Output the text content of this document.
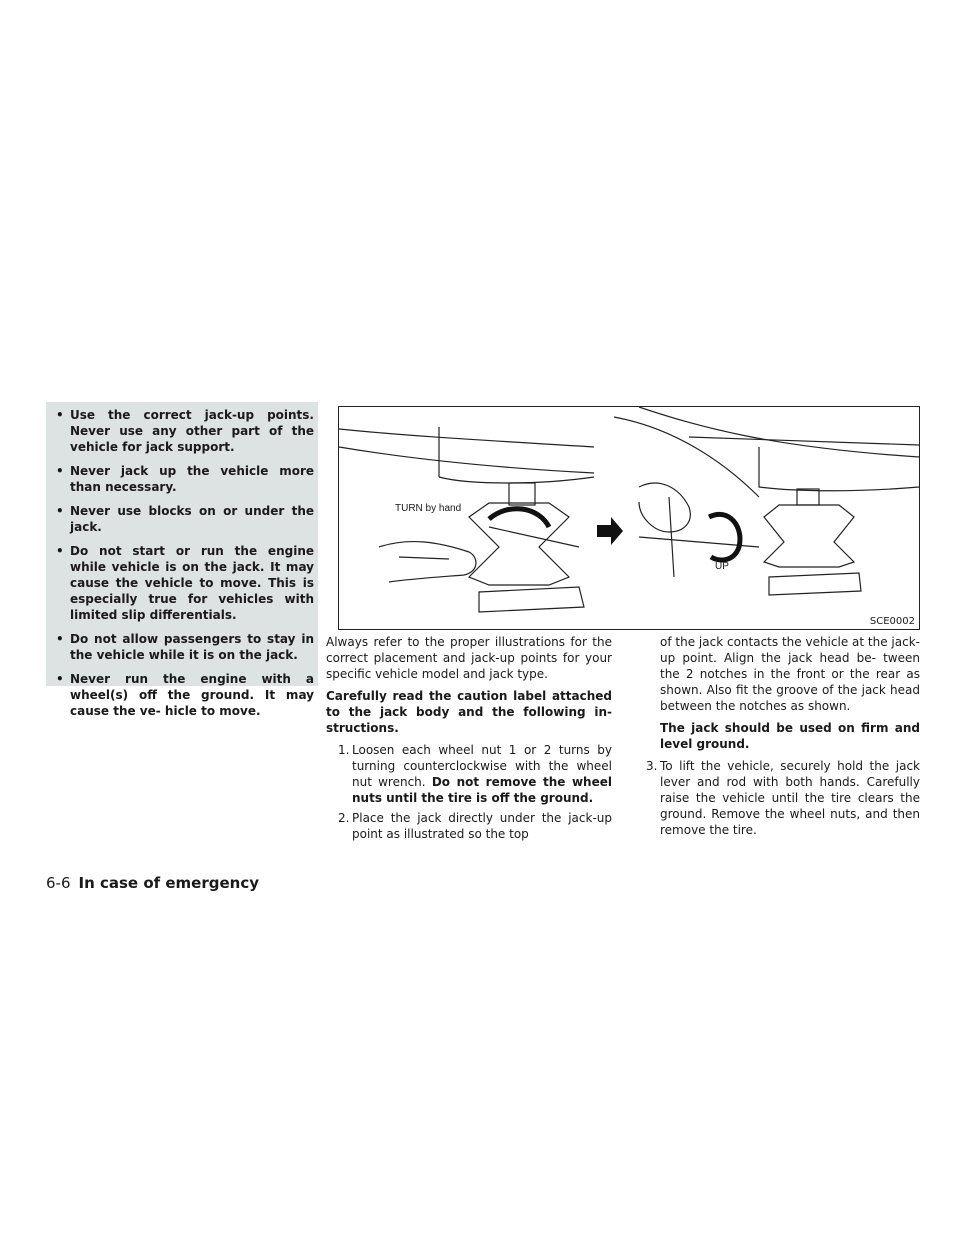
• Use the correct jack-up points. Never use any other part of the vehicle for jack support.
• Never jack up the vehicle more than necessary.
• Never use blocks on or under the jack.
• Do not start or run the engine while vehicle is on the jack. It may cause the vehicle to move. This is especially true for vehicles with limited slip differentials.
• Do not allow passengers to stay in the vehicle while it is on the jack.
• Never run the engine with a wheel(s) off the ground. It may cause the ve- hicle to move.
TURN by hand
UP
SCE0002

Always refer to the proper illustrations for the correct placement and jack-up points for your specific vehicle model and jack type.

Carefully read the caution label attached to the jack body and the following in- structions.

1. Loosen each wheel nut 1 or 2 turns by turning counterclockwise with the wheel nut wrench. Do not remove the wheel nuts until the tire is off the ground.
2. Place the jack directly under the jack-up point as illustrated so the top

of the jack contacts the vehicle at the jack-up point. Align the jack head be- tween the 2 notches in the front or the rear as shown. Also fit the groove of the jack head between the notches as shown.

The jack should be used on firm and level ground.

3. To lift the vehicle, securely hold the jack lever and rod with both hands. Carefully raise the vehicle until the tire clears the ground. Remove the wheel nuts, and then remove the tire.
6-6 In case of emergency
